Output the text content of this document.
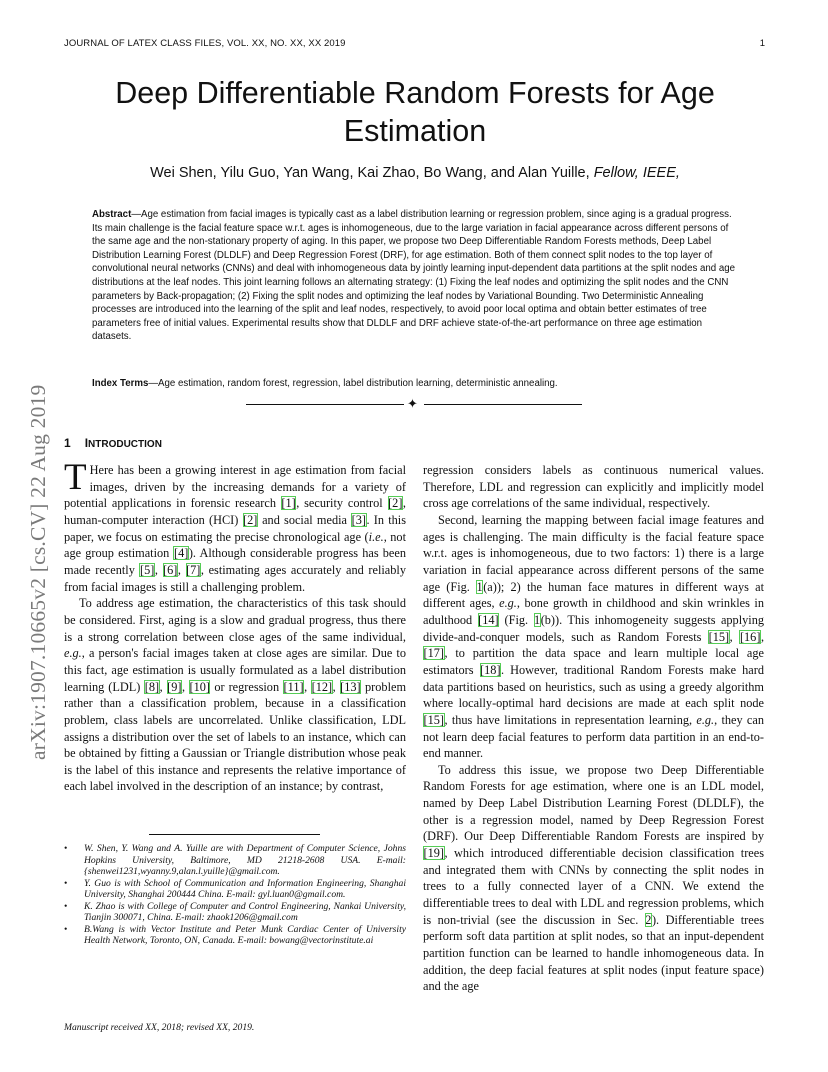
JOURNAL OF LATEX CLASS FILES, VOL. XX, NO. XX, XX 2019	1
Deep Differentiable Random Forests for Age Estimation
Wei Shen, Yilu Guo, Yan Wang, Kai Zhao, Bo Wang, and Alan Yuille, Fellow, IEEE,

Abstract—Age estimation from facial images is typically cast as a label distribution learning or regression problem, since aging is a gradual progress. Its main challenge is the facial feature space w.r.t. ages is inhomogeneous, due to the large variation in facial appearance across different persons of the same age and the non-stationary property of aging. In this paper, we propose two Deep Differentiable Random Forests methods, Deep Label Distribution Learning Forest (DLDLF) and Deep Regression Forest (DRF), for age estimation. Both of them connect split nodes to the top layer of convolutional neural networks (CNNs) and deal with inhomogeneous data by jointly learning input-dependent data partitions at the split nodes and age distributions at the leaf nodes. This joint learning follows an alternating strategy: (1) Fixing the leaf nodes and optimizing the split nodes and the CNN parameters by Back-propagation; (2) Fixing the split nodes and optimizing the leaf nodes by Variational Bounding. Two Deterministic Annealing processes are introduced into the learning of the split and leaf nodes, respectively, to avoid poor local optima and obtain better estimates of tree parameters free of initial values. Experimental results show that DLDLF and DRF achieve state-of-the-art performance on three age estimation datasets.

Index Terms—Age estimation, random forest, regression, label distribution learning, deterministic annealing.

✦
arXiv:1907.10665v2 [cs.CV] 22 Aug 2019 1 INTRODUCTION

T Here has been a growing interest in age estimation from facial images, driven by the increasing demands for a variety of potential applications in forensic research [1], security control [2], human-computer interaction (HCI) [2] and social media [3]. In this paper, we focus on estimating the precise chronological age (i.e., not age group estimation [4]). Although considerable progress has been made recently [5], [6], [7], estimating ages accurately and reliably from facial images is still a challenging problem.

To address age estimation, the characteristics of this task should be considered. First, aging is a slow and gradual progress, thus there is a strong correlation between close ages of the same individual, e.g., a person's facial images taken at close ages are similar. Due to this fact, age estimation is usually formulated as a label distribution learning (LDL) [8], [9], [10] or regression [11], [12], [13] problem rather than a classification problem, because in a classification problem, class labels are uncorrelated. Unlike classification, LDL assigns a distribution over the set of labels to an instance, which can be obtained by fitting a Gaussian or Triangle distribution whose peak is the label of this instance and represents the relative importance of each label involved in the description of an instance; by contrast,

regression considers labels as continuous numerical values. Therefore, LDL and regression can explicitly and implicitly model cross age correlations of the same individual, respectively.

Second, learning the mapping between facial image features and ages is challenging. The main difficulty is the facial feature space w.r.t. ages is inhomogeneous, due to two factors: 1) there is a large variation in facial appearance across different persons of the same age (Fig. 1(a)); 2) the human face matures in different ways at different ages, e.g., bone growth in childhood and skin wrinkles in adulthood [14] (Fig. 1(b)). This inhomogeneity suggests applying divide-and-conquer models, such as Random Forests [15], [16], [17], to partition the data space and learn multiple local age estimators [18]. However, traditional Random Forests make hard data partitions based on heuristics, such as using a greedy algorithm where locally-optimal hard decisions are made at each split node [15], thus have limitations in representation learning, e.g., they can not learn deep facial features to perform data partition in an end-to-end manner.

To address this issue, we propose two Deep Differentiable Random Forests for age estimation, where one is an LDL model, named by Deep Label Distribution Learning Forest (DLDLF), the other is a regression model, named by Deep Regression Forest (DRF). Our Deep Differentiable Random Forests are inspired by [19], which introduced differentiable decision classification trees and integrated them with CNNs by connecting the split nodes in trees to a fully connected layer of a CNN. We extend the differentiable trees to deal with LDL and regression problems, which is non-trivial (see the discussion in Sec. 2). Differentiable trees perform soft data partition at split nodes, so that an input-dependent partition function can be learned to handle inhomogeneous data. In addition, the deep facial features at split nodes (input feature space) and the age

• W. Shen, Y. Wang and A. Yuille are with Department of Computer Science, Johns Hopkins University, Baltimore, MD 21218-2608 USA. E-mail: {shenwei1231,wyanny.9,alan.l.yuille}@gmail.com.

• Y. Guo is with School of Communication and Information Engineering, Shanghai University, Shanghai 200444 China. E-mail: gyl.luan0@gmail.com.

• K. Zhao is with College of Computer and Control Engineering, Nankai University, Tianjin 300071, China. E-mail: zhaok1206@gmail.com

• B.Wang is with Vector Institute and Peter Munk Cardiac Center of University Health Network, Toronto, ON, Canada. E-mail: bowang@vectorinstitute.ai

Manuscript received XX, 2018; revised XX, 2019.
